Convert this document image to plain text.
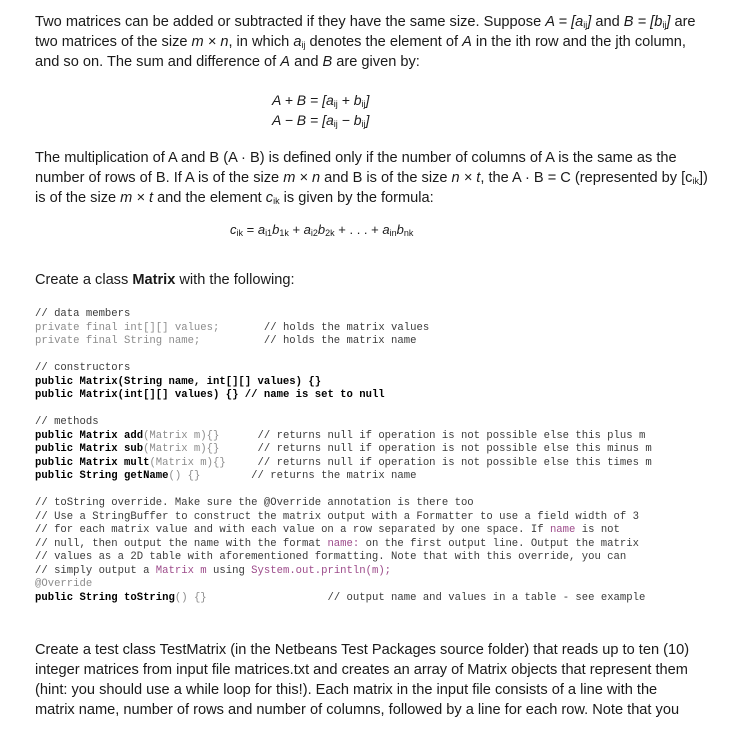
Two matrices can be added or subtracted if they have the same size. Suppose $A = [a_{ij}]$ and $B = [b_{ij}]$ are
two matrices of the size m × n, in which $a_{ij}$ denotes the element of A in the ith row and the jth column,
and so on. The sum and difference of A and B are given by:
$A + B = [a_{ij} + b_{ij}]$
$A - B = [a_{ij} - b_{ij}]$
The multiplication of A and B (A · B) is defined only if the number of columns of A is the same as the
number of rows of B. If A is of the size m × n and B is of the size n × t, the A · B = C (represented by $[c_{ik}]$)
is of the size m × t and the element $c_{ik}$ is given by the formula:
$c_{ik} = a_{i1}b_{1k} + a_{i2}b_{2k}$ + . . . + $a_{in}b_{nk}$
Create a class Matrix with the following:
// data members
private final int[][] values;	// holds the matrix values
private final String name;	// holds the matrix name

// constructors
public Matrix(String name, int[][] values) {}
public Matrix(int[][] values) {} // name is set to null

// methods
public Matrix add(Matrix m){}	// returns null if operation is not possible else this plus m
public Matrix sub(Matrix m){}	// returns null if operation is not possible else this minus m
public Matrix mult(Matrix m){}	// returns null if operation is not possible else this times m
public String getName() {}	// returns the matrix name

// toString override. Make sure the @Override annotation is there too
// Use a StringBuffer to construct the matrix output with a Formatter to use a field width of 3
// for each matrix value and with each value on a row separated by one space. If name is not
// null, then output the name with the format name: on the first output line. Output the matrix
// values as a 2D table with aforementioned formatting. Note that with this override, you can
// simply output a Matrix m using System.out.println(m);
@Override
public String toString() {}	// output name and values in a table - see example
Create a test class TestMatrix (in the Netbeans Test Packages source folder) that reads up to ten (10)
integer matrices from input file matrices.txt and creates an array of Matrix objects that represent them
(hint: you should use a while loop for this!). Each matrix in the input file consists of a line with the
matrix name, number of rows and number of columns, followed by a line for each row. Note that you
